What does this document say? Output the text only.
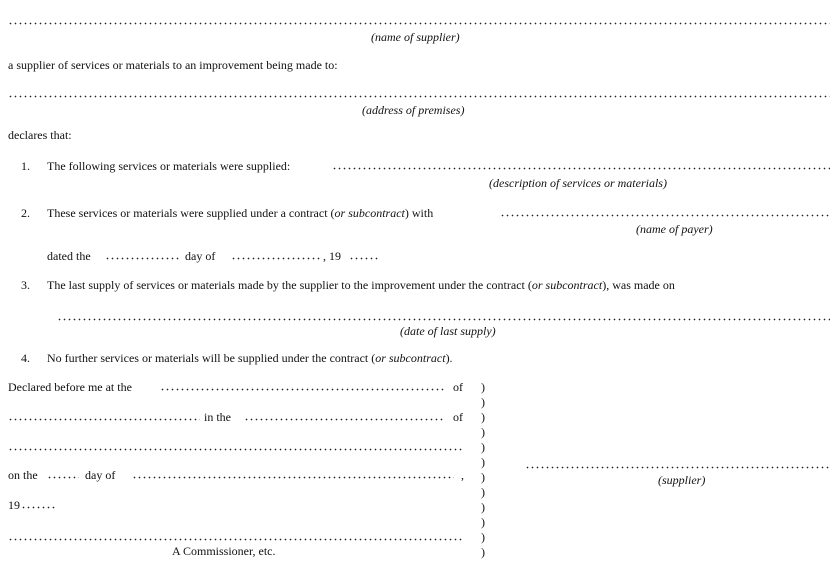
(name of supplier)
a supplier of services or materials to an improvement being made to:
(address of premises)
declares that:
1. The following services or materials were supplied:
(description of services or materials)
2. These services or materials were supplied under a contract (or subcontract) with
(name of payer)
dated the	day of	, 19
3. The last supply of services or materials made by the supplier to the improvement under the contract (or subcontract), was made on
(date of last supply)
4. No further services or materials will be supplied under the contract (or subcontract).
Declared before me at the	of
in the	of
on the	day of	,
19
A Commissioner, etc.
)
)
)
)
)
)
)
)
)
)
)
)
(supplier)
